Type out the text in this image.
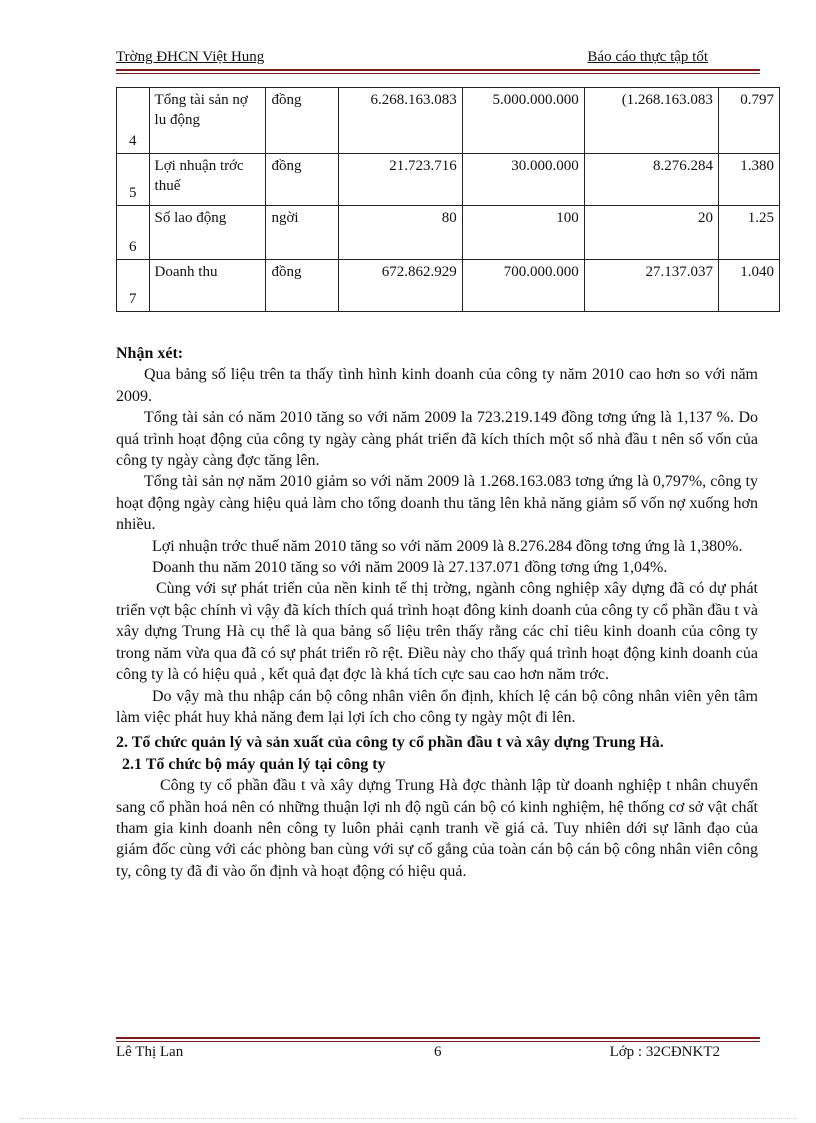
Trờng ĐHCN Việt Hung	Báo cáo thực tập tốt
4	Tổng tài sản nợ lu động	đồng	6.268.163.083	5.000.000.000	(1.268.163.083	0.797
5	Lợi nhuận trớc thuế	đồng	21.723.716	30.000.000	8.276.284	1.380
6	Số lao động	ngời	80	100	20	1.25
7	Doanh thu	đồng	672.862.929	700.000.000	27.137.037	1.040

Nhận xét:

Qua bảng số liệu trên ta thấy tình hình kinh doanh của công ty năm 2010 cao hơn so với năm 2009.

Tổng tài sản có năm 2010 tăng so với năm 2009 la 723.219.149 đồng tơng ứng là 1,137 %. Do quá trình hoạt động của công ty ngày càng phát triển đã kích thích một số nhà đầu t nên số vốn của công ty ngày càng đợc tăng lên.

Tổng tài sản nợ năm 2010 giảm so với năm 2009 là 1.268.163.083 tơng ứng là 0,797%, công ty hoạt động ngày càng hiệu quả làm cho tổng doanh thu tăng lên khả năng giảm số vốn nợ xuống hơn nhiều.

Lợi nhuận trớc thuế năm 2010 tăng so với năm 2009 là 8.276.284 đồng tơng ứng là 1,380%.

Doanh thu năm 2010 tăng so với năm 2009 là 27.137.071 đồng tơng ứng 1,04%.

Cùng với sự phát triển của nền kinh tế thị trờng, ngành công nghiệp xây dựng đã có dự phát triển vợt bậc chính vì vậy đã kích thích quá trình hoạt đông kinh doanh của công ty cổ phần đầu t và xây dựng Trung Hà cụ thể là qua bảng số liệu trên thấy rằng các chỉ tiêu kinh doanh của công ty trong năm vừa qua đã có sự phát triển rõ rệt. Điều này cho thấy quá trình hoạt động kinh doanh của công ty là có hiệu quả , kết quả đạt đợc là khá tích cực sau cao hơn năm trớc.

Do vậy mà thu nhập cán bộ công nhân viên ổn định, khích lệ cán bộ công nhân viên yên tâm làm việc phát huy khả năng đem lại lợi ích cho công ty ngày một đi lên.

2. Tổ chức quản lý và sản xuất của công ty cổ phần đầu t và xây dựng Trung Hà.

2.1 Tổ chức bộ máy quản lý tại công ty

Công ty cổ phần đầu t và xây dựng Trung Hà đợc thành lập từ doanh nghiệp t nhân chuyển sang cổ phần hoá nên có những thuận lợi nh độ ngũ cán bộ có kinh nghiệm, hệ thống cơ sở vật chất tham gia kinh doanh nên công ty luôn phải cạnh tranh về giá cả. Tuy nhiên dới sự lãnh đạo của giám đốc cùng với các phòng ban cùng với sự cố gắng của toàn cán bộ cán bộ công nhân viên công ty, công ty đã đi vào ổn định và hoạt động có hiệu quả.

Lê Thị Lan	6	Lớp : 32CĐNKT2
